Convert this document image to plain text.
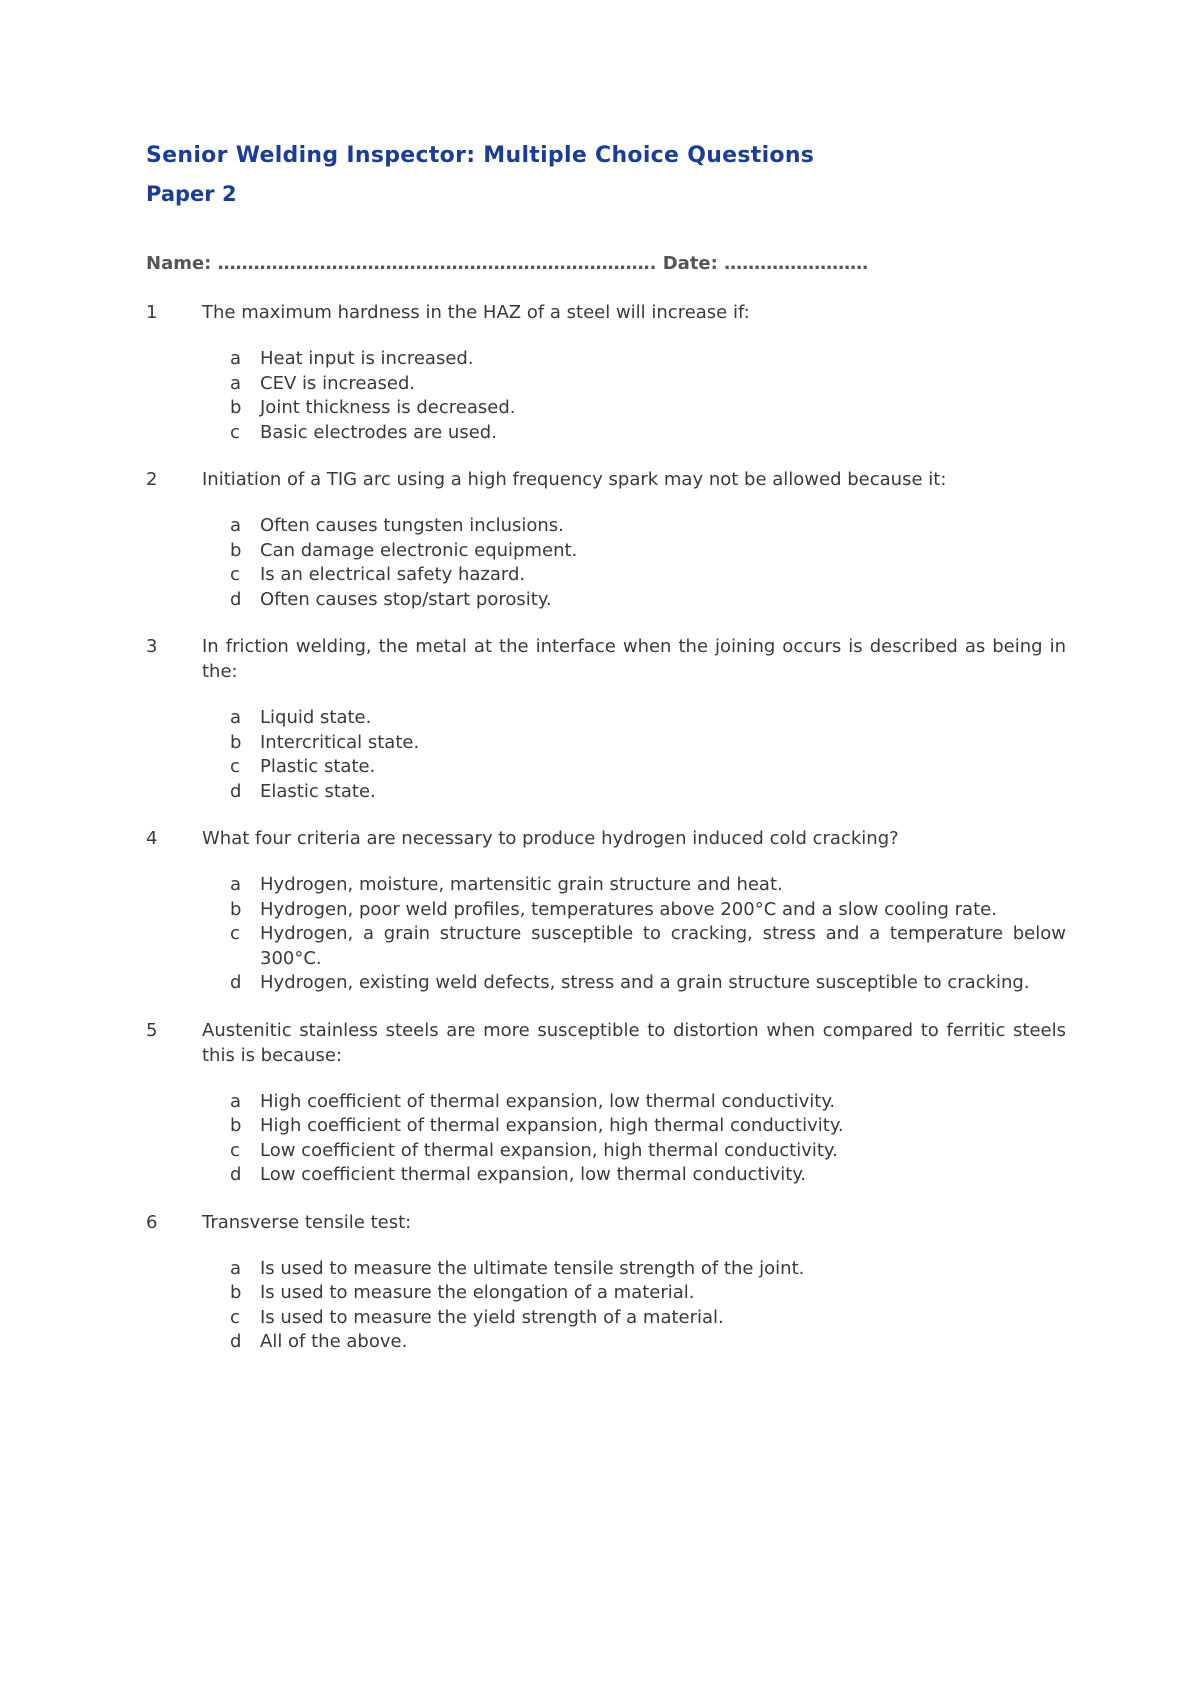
Senior Welding Inspector: Multiple Choice Questions
Paper 2
Name: ………………………………………………………………. Date: ……………………
1	The maximum hardness in the HAZ of a steel will increase if:
a	Heat input is increased.
a	CEV is increased.
b	Joint thickness is decreased.
c	Basic electrodes are used.
2	Initiation of a TIG arc using a high frequency spark may not be allowed because it:
a	Often causes tungsten inclusions.
b	Can damage electronic equipment.
c	Is an electrical safety hazard.
d	Often causes stop/start porosity.
3	In friction welding, the metal at the interface when the joining occurs is described as being in the:
a	Liquid state.
b	Intercritical state.
c	Plastic state.
d	Elastic state.
4	What four criteria are necessary to produce hydrogen induced cold cracking?
a	Hydrogen, moisture, martensitic grain structure and heat.
b	Hydrogen, poor weld profiles, temperatures above 200°C and a slow cooling rate.
c	Hydrogen, a grain structure susceptible to cracking, stress and a temperature below 300°C.
d	Hydrogen, existing weld defects, stress and a grain structure susceptible to cracking.
5	Austenitic stainless steels are more susceptible to distortion when compared to ferritic steels this is because:
a	High coefficient of thermal expansion, low thermal conductivity.
b	High coefficient of thermal expansion, high thermal conductivity.
c	Low coefficient of thermal expansion, high thermal conductivity.
d	Low coefficient thermal expansion, low thermal conductivity.
6	Transverse tensile test:
a	Is used to measure the ultimate tensile strength of the joint.
b	Is used to measure the elongation of a material.
c	Is used to measure the yield strength of a material.
d	All of the above.
